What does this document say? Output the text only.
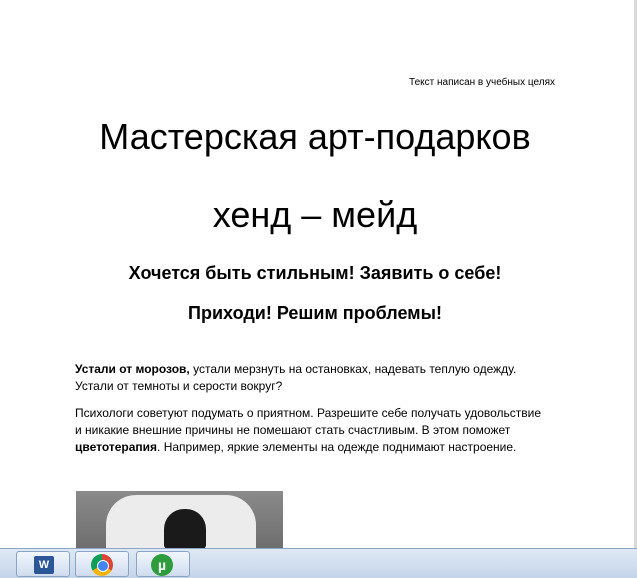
Текст написан в учебных целях
Мастерская арт-подарков
хенд – мейд
Хочется быть стильным! Заявить о себе!
Приходи! Решим проблемы!

Устали от морозов, устали мерзнуть на остановках, надевать теплую одежду. Устали от темноты и серости вокруг?

Психологи советуют подумать о приятном. Разрешите себе получать удовольствие и никакие внешние причины не помешают стать счастливым. В этом поможет цветотерапия. Например, яркие элементы на одежде поднимают настроение.

W	µ
